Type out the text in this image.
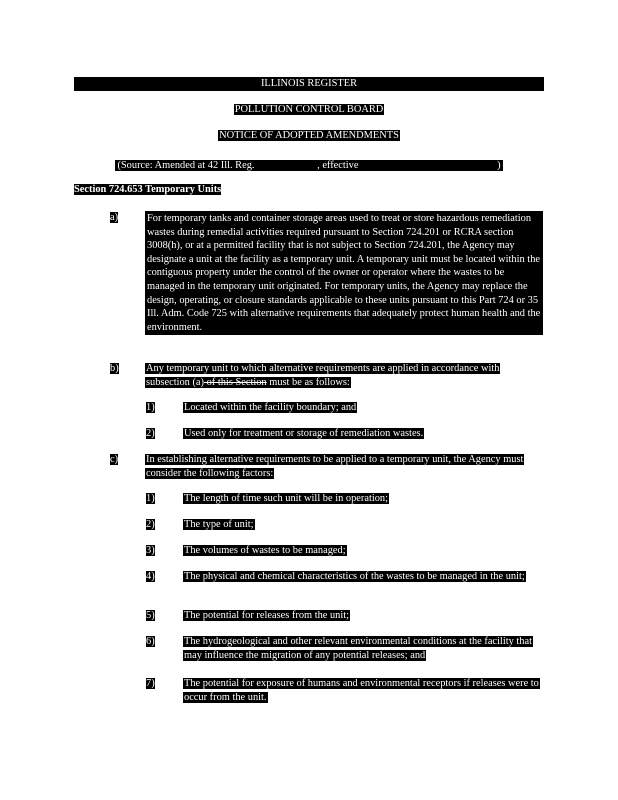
ILLINOIS REGISTER
POLLUTION CONTROL BOARD
NOTICE OF ADOPTED AMENDMENTS
(Source: Amended at 42 Ill. Reg.	, effective	)
Section 724.653 Temporary Units
a)	For temporary tanks and container storage areas used to treat or store hazardous remediation wastes during remedial activities required pursuant to Section 724.201 or RCRA section 3008(h), or at a permitted facility that is not subject to Section 724.201, the Agency may designate a unit at the facility as a temporary unit. A temporary unit must be located within the contiguous property under the control of the owner or operator where the wastes to be managed in the temporary unit originated. For temporary units, the Agency may replace the design, operating, or closure standards applicable to these units pursuant to this Part 724 or 35 Ill. Adm. Code 725 with alternative requirements that adequately protect human health and the environment.
b)	Any temporary unit to which alternative requirements are applied in accordance with subsection (a) of this Section must be as follows:
1)	Located within the facility boundary; and
2)	Used only for treatment or storage of remediation wastes.
c)	In establishing alternative requirements to be applied to a temporary unit, the Agency must consider the following factors:
1)	The length of time such unit will be in operation;
2)	The type of unit;
3)	The volumes of wastes to be managed;
4)	The physical and chemical characteristics of the wastes to be managed in the unit;
5)	The potential for releases from the unit;
6)	The hydrogeological and other relevant environmental conditions at the facility that may influence the migration of any potential releases; and
7)	The potential for exposure of humans and environmental receptors if releases were to occur from the unit.
